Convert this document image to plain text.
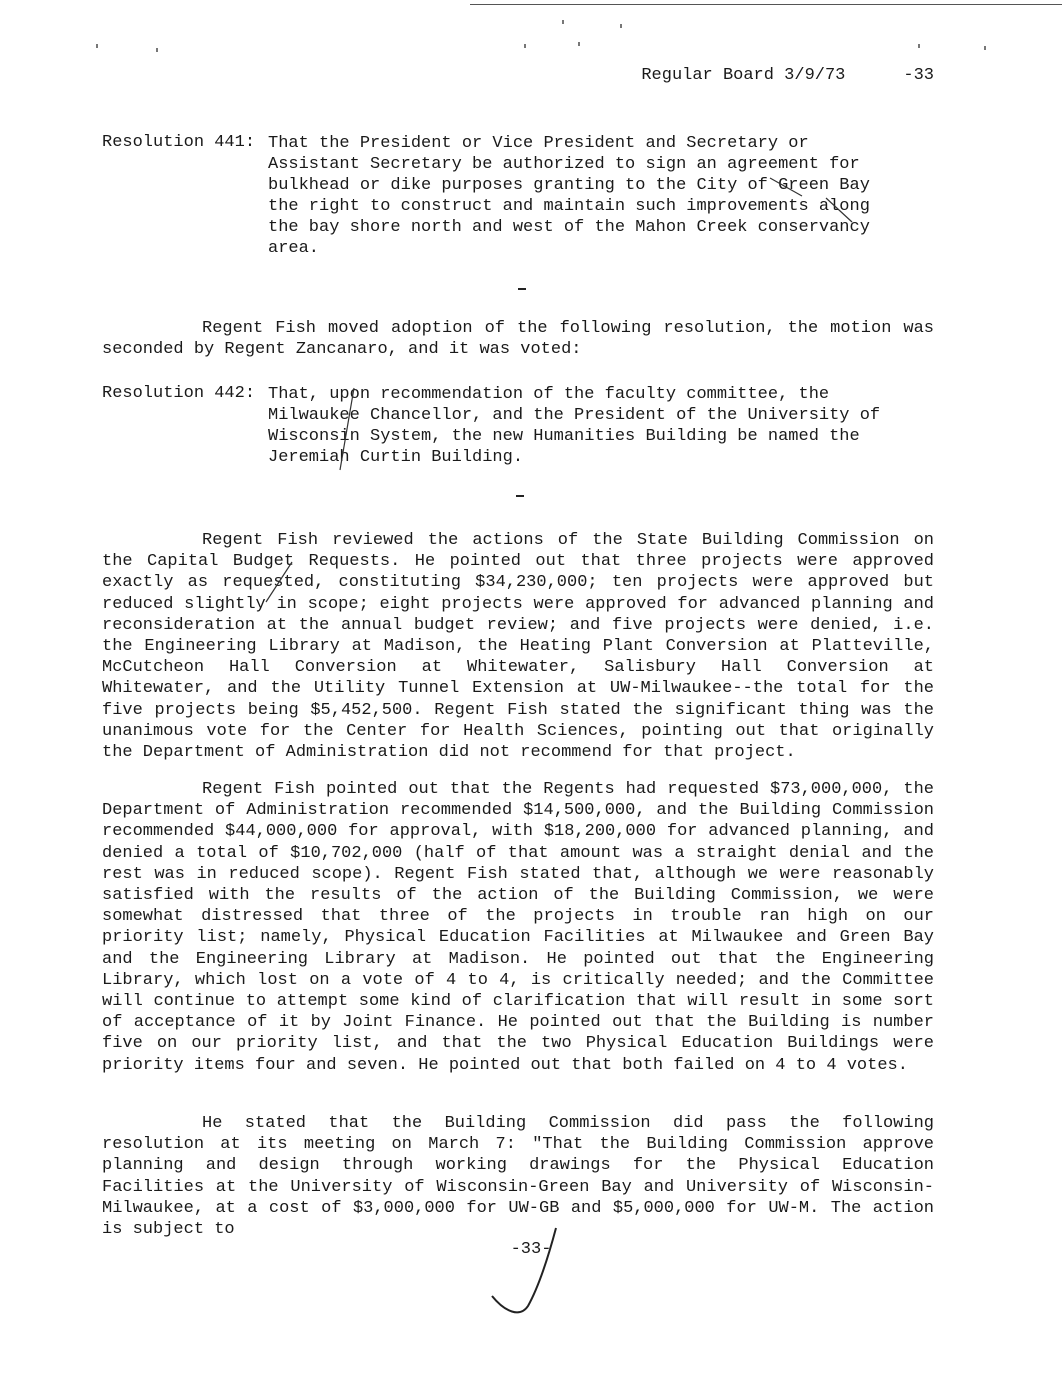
Regular Board 3/9/73	-33
Resolution 441: That the President or Vice President and Secretary or Assistant Secretary be authorized to sign an agreement for bulkhead or dike purposes granting to the City of Green Bay the right to construct and maintain such improvements along the bay shore north and west of the Mahon Creek conservancy area.
Regent Fish moved adoption of the following resolution, the motion was seconded by Regent Zancanaro, and it was voted:
Resolution 442: That, upon recommendation of the faculty committee, the Milwaukee Chancellor, and the President of the University of Wisconsin System, the new Humanities Building be named the Jeremiah Curtin Building.
Regent Fish reviewed the actions of the State Building Commission on the Capital Budget Requests. He pointed out that three projects were approved exactly as requested, constituting $34,230,000; ten projects were approved but reduced slightly in scope; eight projects were approved for advanced planning and reconsideration at the annual budget review; and five projects were denied, i.e. the Engineering Library at Madison, the Heating Plant Conversion at Platteville, McCutcheon Hall Conversion at Whitewater, Salisbury Hall Conversion at Whitewater, and the Utility Tunnel Extension at UW-Milwaukee--the total for the five projects being $5,452,500. Regent Fish stated the significant thing was the unanimous vote for the Center for Health Sciences, pointing out that originally the Department of Administration did not recommend for that project.
Regent Fish pointed out that the Regents had requested $73,000,000, the Department of Administration recommended $14,500,000, and the Building Commission recommended $44,000,000 for approval, with $18,200,000 for advanced planning, and denied a total of $10,702,000 (half of that amount was a straight denial and the rest was in reduced scope). Regent Fish stated that, although we were reasonably satisfied with the results of the action of the Building Commission, we were somewhat distressed that three of the projects in trouble ran high on our priority list; namely, Physical Education Facilities at Milwaukee and Green Bay and the Engineering Library at Madison. He pointed out that the Engineering Library, which lost on a vote of 4 to 4, is critically needed; and the Committee will continue to attempt some kind of clarification that will result in some sort of acceptance of it by Joint Finance. He pointed out that the Building is number five on our priority list, and that the two Physical Education Buildings were priority items four and seven. He pointed out that both failed on 4 to 4 votes.
He stated that the Building Commission did pass the following resolution at its meeting on March 7: "That the Building Commission approve planning and design through working drawings for the Physical Education Facilities at the University of Wisconsin-Green Bay and University of Wisconsin-Milwaukee, at a cost of $3,000,000 for UW-GB and $5,000,000 for UW-M. The action is subject to
-33-
